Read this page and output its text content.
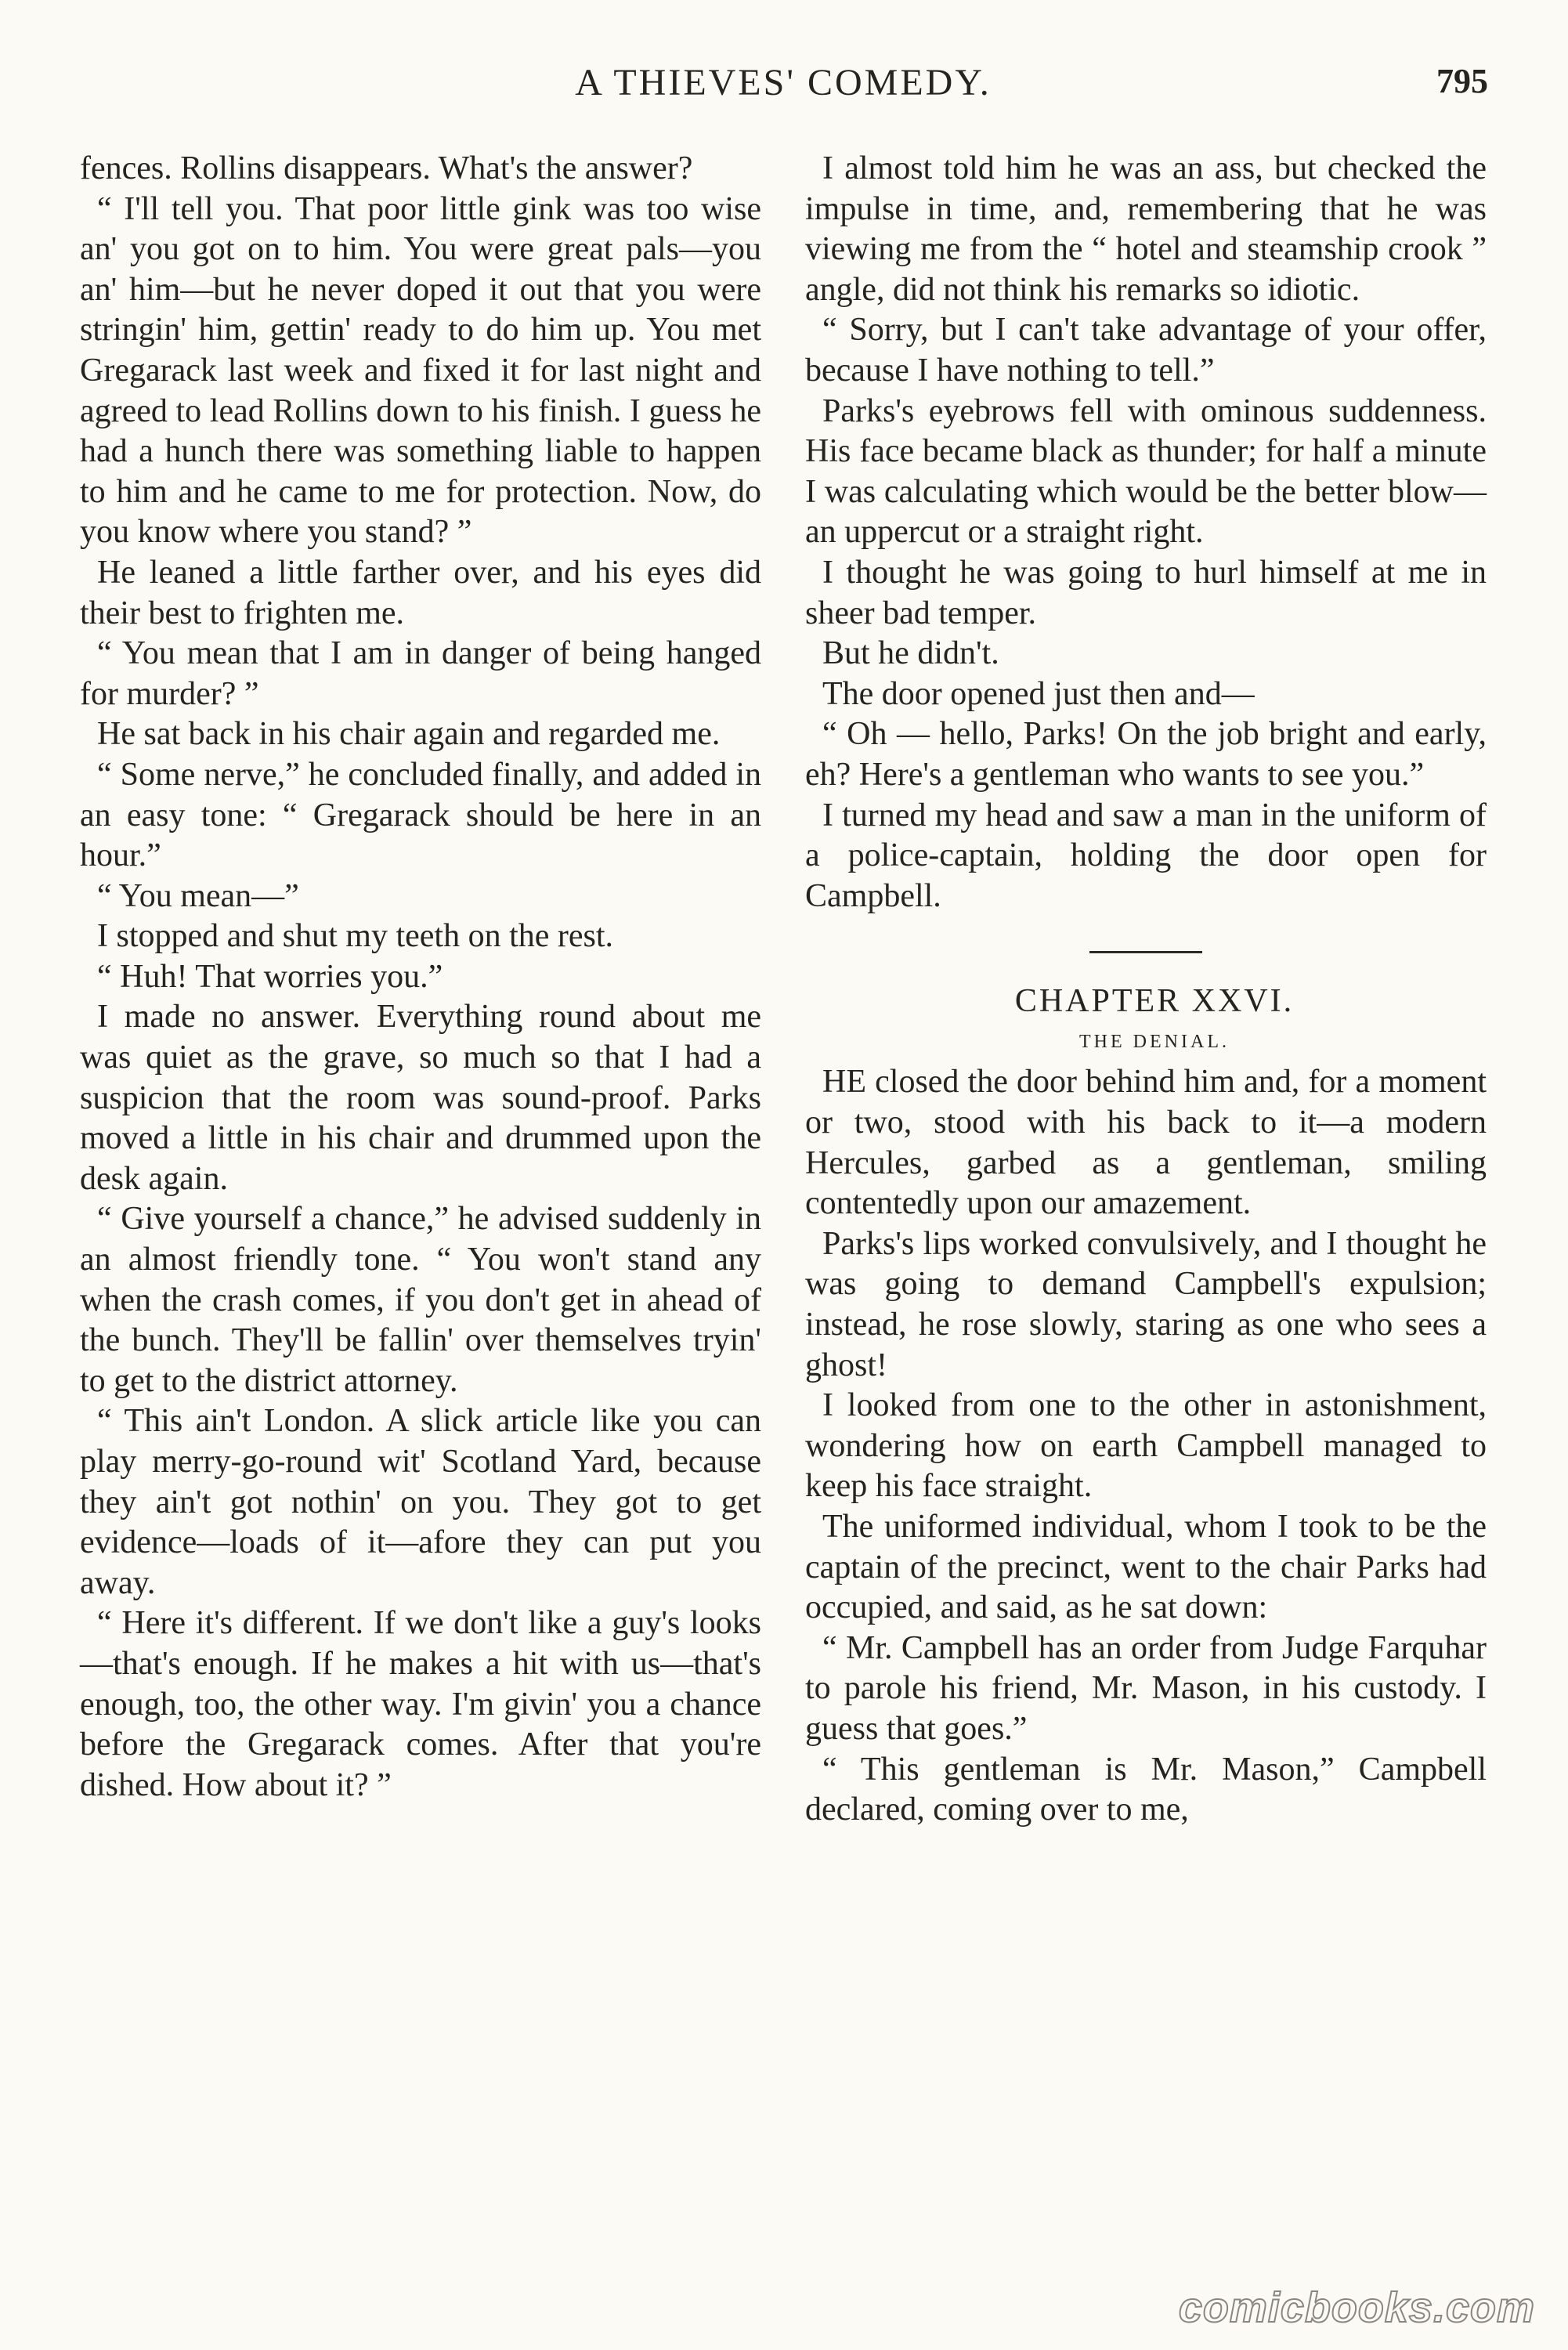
A THIEVES' COMEDY.	795

fences. Rollins disappears. What's the answer?

“ I'll tell you. That poor little gink was too wise an' you got on to him. You were great pals—you an' him—but he never doped it out that you were stringin' him, gettin' ready to do him up. You met Gregarack last week and fixed it for last night and agreed to lead Rollins down to his finish. I guess he had a hunch there was something liable to happen to him and he came to me for protection. Now, do you know where you stand? ”

He leaned a little farther over, and his eyes did their best to frighten me.

“ You mean that I am in danger of being hanged for murder? ”

He sat back in his chair again and regarded me.

“ Some nerve,” he concluded finally, and added in an easy tone: “ Gregarack should be here in an hour.”

“ You mean—”

I stopped and shut my teeth on the rest.

“ Huh! That worries you.”

I made no answer. Everything round about me was quiet as the grave, so much so that I had a suspicion that the room was sound-proof. Parks moved a little in his chair and drummed upon the desk again.

“ Give yourself a chance,” he advised suddenly in an almost friendly tone. “ You won't stand any when the crash comes, if you don't get in ahead of the bunch. They'll be fallin' over themselves tryin' to get to the district attorney.

“ This ain't London. A slick article like you can play merry-go-round wit' Scotland Yard, because they ain't got nothin' on you. They got to get evidence—loads of it—afore they can put you away.

“ Here it's different. If we don't like a guy's looks—that's enough. If he makes a hit with us—that's enough, too, the other way. I'm givin' you a chance before the Gregarack comes. After that you're dished. How about it? ”

I almost told him he was an ass, but checked the impulse in time, and, remembering that he was viewing me from the “ hotel and steamship crook ” angle, did not think his remarks so idiotic.

“ Sorry, but I can't take advantage of your offer, because I have nothing to tell.”

Parks's eyebrows fell with ominous suddenness. His face became black as thunder; for half a minute I was calculating which would be the better blow—an uppercut or a straight right.

I thought he was going to hurl himself at me in sheer bad temper.

But he didn't.

The door opened just then and—

“ Oh — hello, Parks! On the job bright and early, eh? Here's a gentleman who wants to see you.”

I turned my head and saw a man in the uniform of a police-captain, holding the door open for Campbell.

CHAPTER XXVI.

THE DENIAL.

HE closed the door behind him and, for a moment or two, stood with his back to it—a modern Hercules, garbed as a gentleman, smiling contentedly upon our amazement.

Parks's lips worked convulsively, and I thought he was going to demand Campbell's expulsion; instead, he rose slowly, staring as one who sees a ghost!

I looked from one to the other in astonishment, wondering how on earth Campbell managed to keep his face straight.

The uniformed individual, whom I took to be the captain of the precinct, went to the chair Parks had occupied, and said, as he sat down:

“ Mr. Campbell has an order from Judge Farquhar to parole his friend, Mr. Mason, in his custody. I guess that goes.”

“ This gentleman is Mr. Mason,” Campbell declared, coming over to me,

comicbooks.com
